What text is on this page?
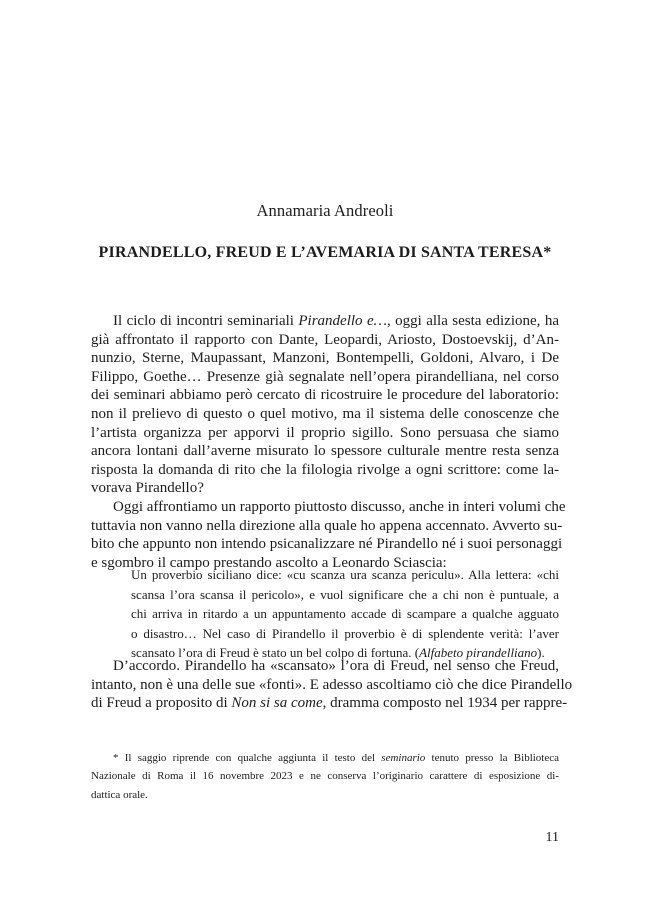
Annamaria Andreoli
PIRANDELLO, FREUD E L’AVEMARIA DI SANTA TERESA*
Il ciclo di incontri seminariali Pirandello e…, oggi alla sesta edizione, ha
già affrontato il rapporto con Dante, Leopardi, Ariosto, Dostoevskij, d’An-
nunzio, Sterne, Maupassant, Manzoni, Bontempelli, Goldoni, Alvaro, i De
Filippo, Goethe… Presenze già segnalate nell’opera pirandelliana, nel corso
dei seminari abbiamo però cercato di ricostruire le procedure del laboratorio:
non il prelievo di questo o quel motivo, ma il sistema delle conoscenze che
l’artista organizza per apporvi il proprio sigillo. Sono persuasa che siamo
ancora lontani dall’averne misurato lo spessore culturale mentre resta senza
risposta la domanda di rito che la filologia rivolge a ogni scrittore: come la-
vorava Pirandello?
Oggi affrontiamo un rapporto piuttosto discusso, anche in interi volumi che
tuttavia non vanno nella direzione alla quale ho appena accennato. Avverto su-
bito che appunto non intendo psicanalizzare né Pirandello né i suoi personaggi
e sgombro il campo prestando ascolto a Leonardo Sciascia:
Un proverbio siciliano dice: «cu scanza ura scanza periculu». Alla lettera: «chi
scansa l’ora scansa il pericolo», e vuol significare che a chi non è puntuale, a
chi arriva in ritardo a un appuntamento accade di scampare a qualche agguato
o disastro… Nel caso di Pirandello il proverbio è di splendente verità: l’aver
scansato l’ora di Freud è stato un bel colpo di fortuna. (Alfabeto pirandelliano).
D’accordo. Pirandello ha «scansato» l’ora di Freud, nel senso che Freud,
intanto, non è una delle sue «fonti». E adesso ascoltiamo ciò che dice Pirandello
di Freud a proposito di Non si sa come, dramma composto nel 1934 per rappre-
* Il saggio riprende con qualche aggiunta il testo del seminario tenuto presso la Biblioteca
Nazionale di Roma il 16 novembre 2023 e ne conserva l’originario carattere di esposizione di-
dattica orale.
11
